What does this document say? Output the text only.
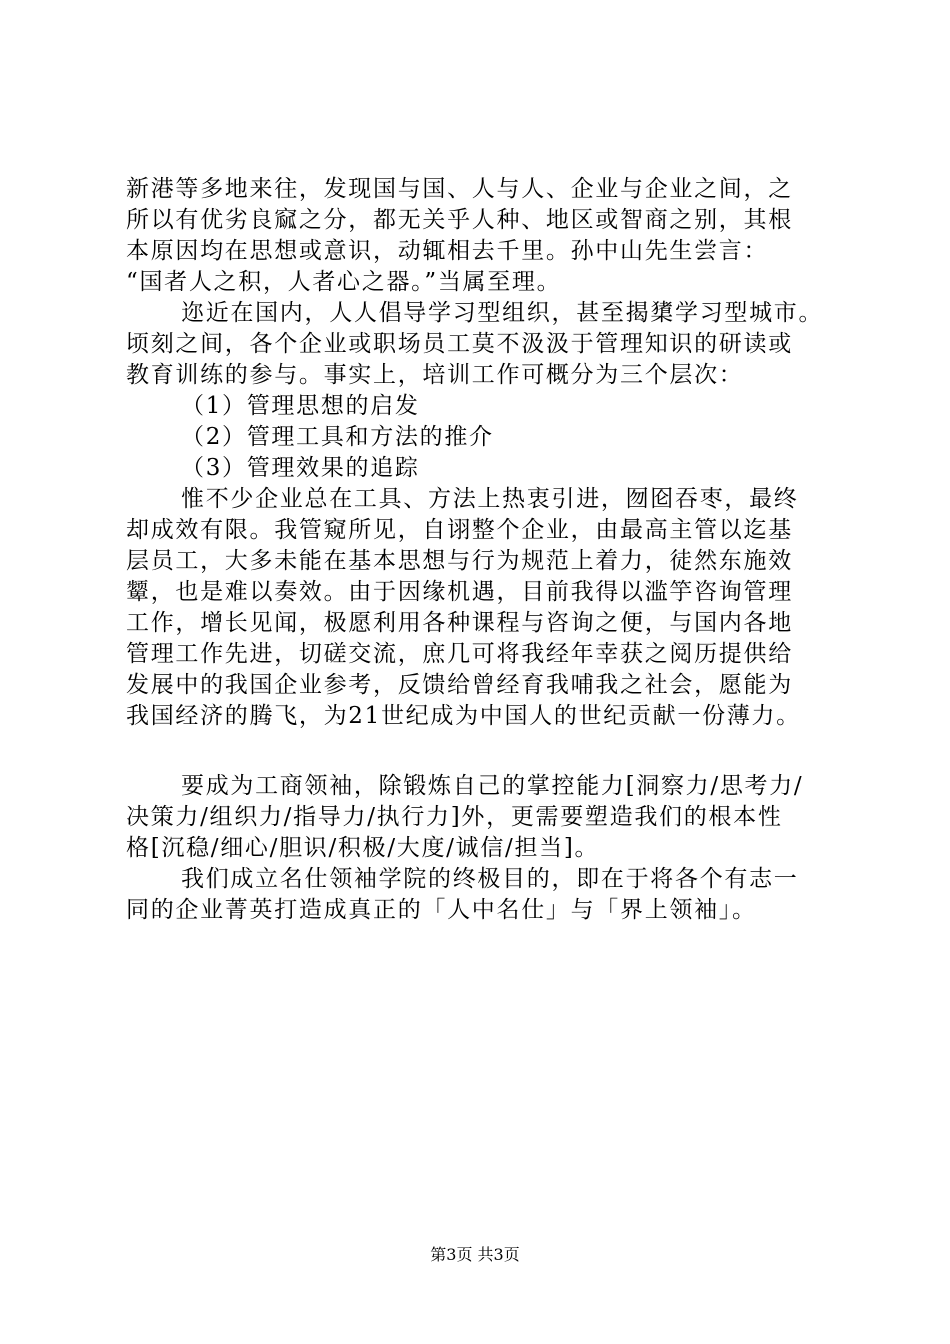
新港等多地来往，发现国与国、人与人、企业与企业之间，之
所以有优劣良窳之分，都无关乎人种、地区或智商之别，其根
本原因均在思想或意识，动辄相去千里。孙中山先生尝言：
“国者人之积，人者心之器。”当属至理。
迩近在国内，人人倡导学习型组织，甚至揭橥学习型城市。
顷刻之间，各个企业或职场员工莫不汲汲于管理知识的研读或
教育训练的参与。事实上，培训工作可概分为三个层次：
（1）管理思想的启发
（2）管理工具和方法的推介
（3）管理效果的追踪
惟不少企业总在工具、方法上热衷引进，囫囵吞枣，最终
却成效有限。我管窥所见，自诩整个企业，由最高主管以迄基
层员工，大多未能在基本思想与行为规范上着力，徒然东施效
颦，也是难以奏效。由于因缘机遇，目前我得以滥竽咨询管理
工作，增长见闻，极愿利用各种课程与咨询之便，与国内各地
管理工作先进，切磋交流，庶几可将我经年幸获之阅历提供给
发展中的我国企业参考，反馈给曾经育我哺我之社会，愿能为
我国经济的腾飞，为21世纪成为中国人的世纪贡献一份薄力。
要成为工商领袖，除锻炼自己的掌控能力[洞察力/思考力/
决策力/组织力/指导力/执行力]外，更需要塑造我们的根本性
格[沉稳/细心/胆识/积极/大度/诚信/担当]。
我们成立名仕领袖学院的终极目的，即在于将各个有志一
同的企业菁英打造成真正的「人中名仕」与「界上领袖」。
第3页 共3页
